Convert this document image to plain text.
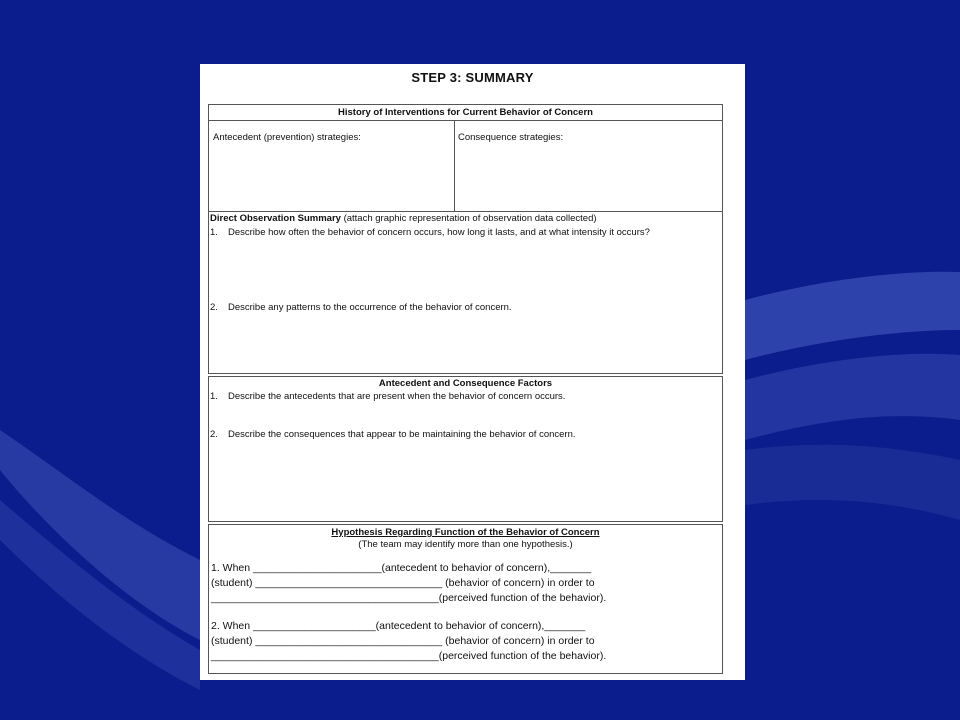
STEP 3: SUMMARY
History of Interventions for Current Behavior of Concern
Antecedent (prevention) strategies:	Consequence strategies:
Direct Observation Summary (attach graphic representation of observation data collected)
1. Describe how often the behavior of concern occurs, how long it lasts, and at what intensity it occurs?
2. Describe any patterns to the occurrence of the behavior of concern.
Antecedent and Consequence Factors
1. Describe the antecedents that are present when the behavior of concern occurs.
2. Describe the consequences that appear to be maintaining the behavior of concern.
Hypothesis Regarding Function of the Behavior of Concern
(The team may identify more than one hypothesis.)
1. When ______________________(antecedent to behavior of concern),_______
(student) ________________________________ (behavior of concern) in order to
_______________________________________(perceived function of the behavior).
2. When _____________________(antecedent to behavior of concern),_______
(student) ________________________________ (behavior of concern) in order to
_______________________________________(perceived function of the behavior).
